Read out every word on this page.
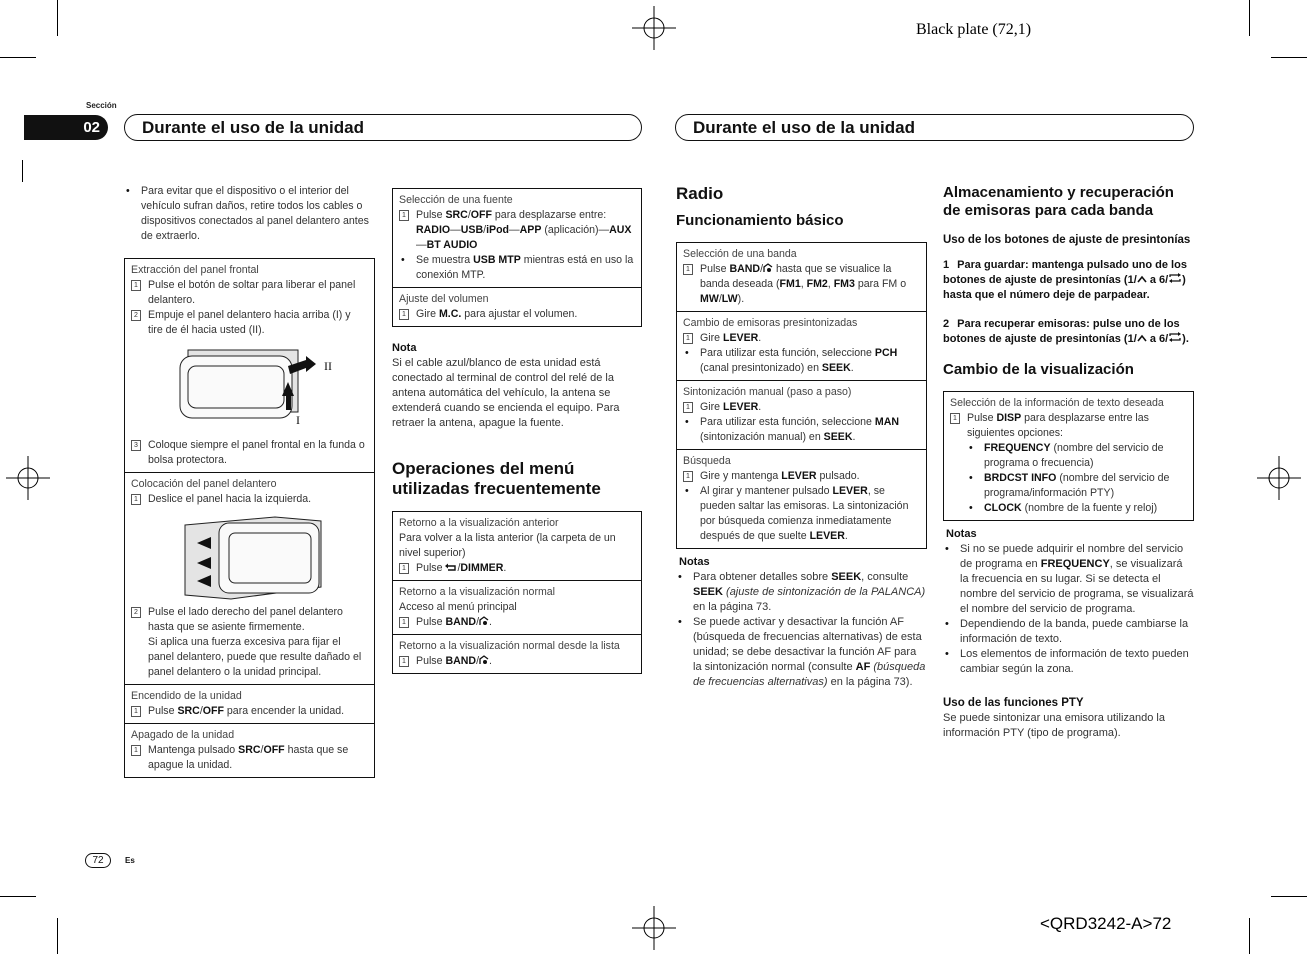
Black plate (72,1)
<QRD3242-A>72
Sección
02	Durante el uso de la unidad	Durante el uso de la unidad
• Para evitar que el dispositivo o el interior del vehículo sufran daños, retire todos los cables o dispositivos conectados al panel delantero antes de extraerlo.
Extracción del panel frontal
1 Pulse el botón de soltar para liberar el panel delantero.
2 Empuje el panel delantero hacia arriba (I) y tire de él hacia usted (II).
II
I
3 Coloque siempre el panel frontal en la funda o bolsa protectora.
Colocación del panel delantero
1 Deslice el panel hacia la izquierda.
2 Pulse el lado derecho del panel delantero hasta que se asiente firmemente.
Si aplica una fuerza excesiva para fijar el panel delantero, puede que resulte dañado el panel delantero o la unidad principal.
Encendido de la unidad
1 Pulse SRC/OFF para encender la unidad.
Apagado de la unidad
1 Mantenga pulsado SRC/OFF hasta que se apague la unidad.
Selección de una fuente
1 Pulse SRC/OFF para desplazarse entre:
RADIO—USB/iPod—APP (aplicación)—AUX
—BT AUDIO
• Se muestra USB MTP mientras está en uso la conexión MTP.
Ajuste del volumen
1 Gire M.C. para ajustar el volumen.
Nota
Si el cable azul/blanco de esta unidad está conectado al terminal de control del relé de la antena automática del vehículo, la antena se extenderá cuando se encienda el equipo. Para retraer la antena, apague la fuente.
Operaciones del menú utilizadas frecuentemente
Retorno a la visualización anterior
Para volver a la lista anterior (la carpeta de un nivel superior)
1 Pulse /DIMMER.
Retorno a la visualización normal
Acceso al menú principal
1 Pulse BAND/ .
Retorno a la visualización normal desde la lista
1 Pulse BAND/ .
Radio
Funcionamiento básico
Selección de una banda
1 Pulse BAND/ hasta que se visualice la banda deseada (FM1, FM2, FM3 para FM o MW/LW).
Cambio de emisoras presintonizadas
1 Gire LEVER.
• Para utilizar esta función, seleccione PCH (canal presintonizado) en SEEK.
Sintonización manual (paso a paso)
1 Gire LEVER.
• Para utilizar esta función, seleccione MAN (sintonización manual) en SEEK.
Búsqueda
1 Gire y mantenga LEVER pulsado.
• Al girar y mantener pulsado LEVER, se pueden saltar las emisoras. La sintonización por búsqueda comienza inmediatamente después de que suelte LEVER.
Notas
• Para obtener detalles sobre SEEK, consulte SEEK (ajuste de sintonización de la PALANCA) en la página 73.
• Se puede activar y desactivar la función AF (búsqueda de frecuencias alternativas) de esta unidad; se debe desactivar la función AF para la sintonización normal (consulte AF (búsqueda de frecuencias alternativas) en la página 73).
Almacenamiento y recuperación de emisoras para cada banda
Uso de los botones de ajuste de presintonías
1 Para guardar: mantenga pulsado uno de los botones de ajuste de presintonías (1/ a 6/ ) hasta que el número deje de parpadear.
2 Para recuperar emisoras: pulse uno de los botones de ajuste de presintonías (1/ a 6/ ).
Cambio de la visualización
Selección de la información de texto deseada
1 Pulse DISP para desplazarse entre las siguientes opciones:
• FREQUENCY (nombre del servicio de programa o frecuencia)
• BRDCST INFO (nombre del servicio de programa/información PTY)
• CLOCK (nombre de la fuente y reloj)
Notas
• Si no se puede adquirir el nombre del servicio de programa en FREQUENCY, se visualizará la frecuencia en su lugar. Si se detecta el nombre del servicio de programa, se visualizará el nombre del servicio de programa.
• Dependiendo de la banda, puede cambiarse la información de texto.
• Los elementos de información de texto pueden cambiar según la zona.
Uso de las funciones PTY
Se puede sintonizar una emisora utilizando la información PTY (tipo de programa).
72	Es
